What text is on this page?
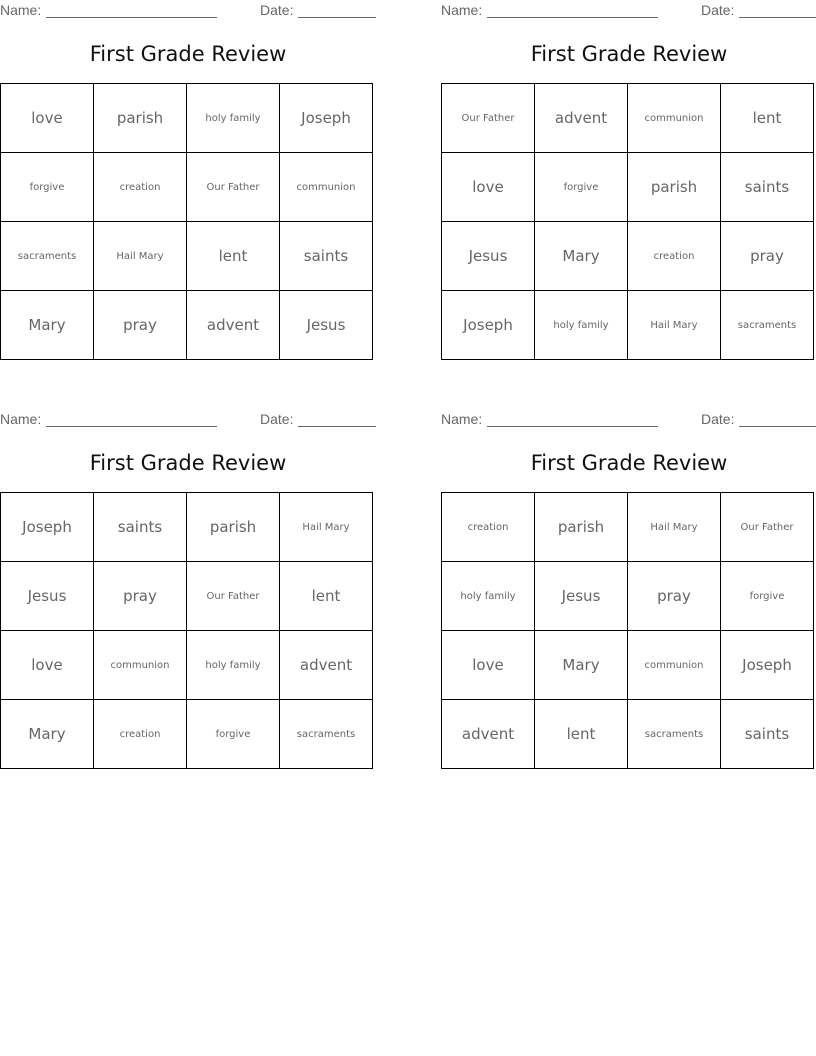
Name:	Date:
First Grade Review
love	parish	holy family	Joseph
forgive	creation	Our Father	communion
sacraments	Hail Mary	lent	saints
Mary	pray	advent	Jesus
Name:	Date:
First Grade Review
Our Father	advent	communion	lent
love	forgive	parish	saints
Jesus	Mary	creation	pray
Joseph	holy family	Hail Mary	sacraments
Name:	Date:
First Grade Review
Joseph	saints	parish	Hail Mary
Jesus	pray	Our Father	lent
love	communion	holy family	advent
Mary	creation	forgive	sacraments
Name:	Date:
First Grade Review
creation	parish	Hail Mary	Our Father
holy family	Jesus	pray	forgive
love	Mary	communion	Joseph
advent	lent	sacraments	saints
